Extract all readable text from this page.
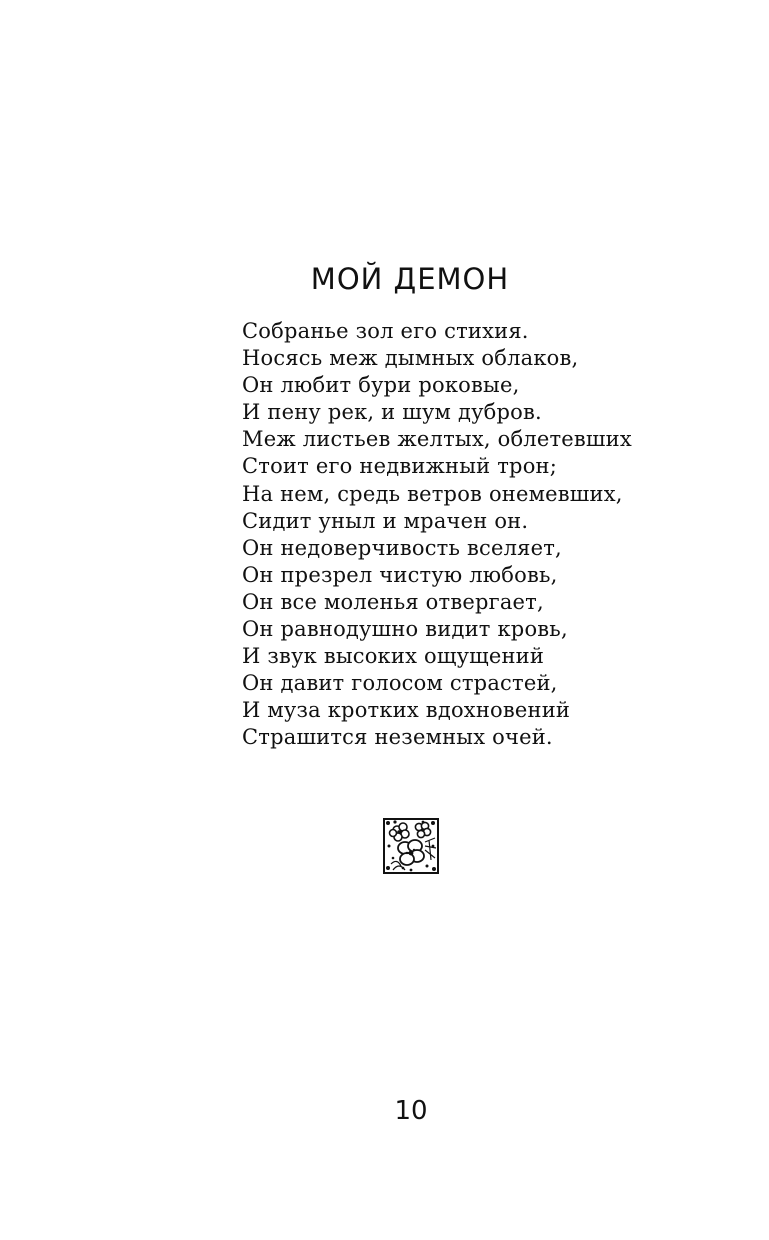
МОЙ ДЕМОН
Собранье зол его стихия.
Носясь меж дымных облаков,
Он любит бури роковые,
И пену рек, и шум дубров.
Меж листьев желтых, облетевших
Стоит его недвижный трон;
На нем, средь ветров онемевших,
Сидит уныл и мрачен он.
Он недоверчивость вселяет,
Он презрел чистую любовь,
Он все моленья отвергает,
Он равнодушно видит кровь,
И звук высоких ощущений
Он давит голосом страстей,
И муза кротких вдохновений
Страшится неземных очей.
10
